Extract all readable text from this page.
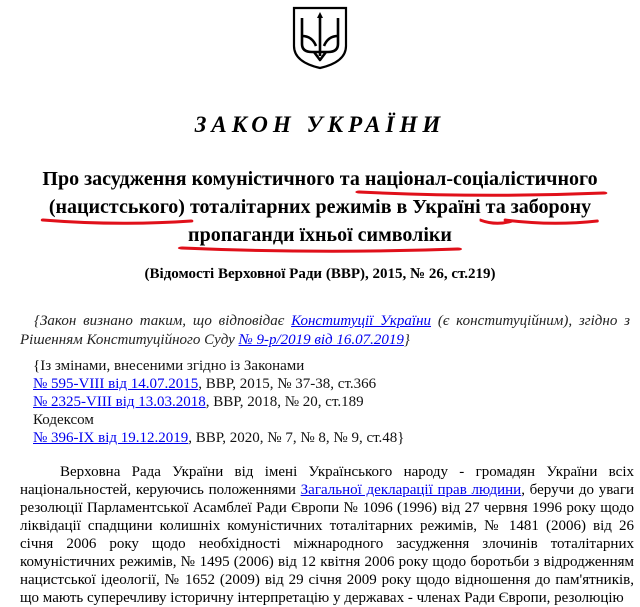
ЗАКОН УКРАЇНИ
Про засудження комуністичного та націонал-соціалістичного

(нацистського)
тоталітарних режимів в Україні та заборону

пропаганди їхньої символіки
(Відомості Верховної Ради (ВВР), 2015, № 26, ст.219)
{Закон визнано таким, що відповідає Конституції України (є конституційним), згідно з Рішенням Конституційного Суду № 9-р/2019 від 16.07.2019}
{Із змінами, внесеними згідно із Законами
№ 595-VIII від 14.07.2015, ВВР, 2015, № 37-38, ст.366
№ 2325-VIII від 13.03.2018, ВВР, 2018, № 20, ст.189
Кодексом
№ 396-IX від 19.12.2019, ВВР, 2020, № 7, № 8, № 9, ст.48}

Верховна Рада України від імені Українського народу - громадян України всіх національностей, керуючись положеннями Загальної декларації прав людини, беручи до уваги резолюції Парламентської Асамблеї Ради Європи № 1096 (1996) від 27 червня 1996 року щодо ліквідації спадщини колишніх комуністичних тоталітарних режимів, № 1481 (2006) від 26 січня 2006 року щодо необхідності міжнародного засудження злочинів тоталітарних комуністичних режимів, № 1495 (2006) від 12 квітня 2006 року щодо боротьби з відродженням нацистської ідеології, № 1652 (2009) від 29 січня 2009 року щодо відношення до пам'ятників, що мають суперечливу історичну інтерпретацію у державах - членах Ради Європи, резолюцію
